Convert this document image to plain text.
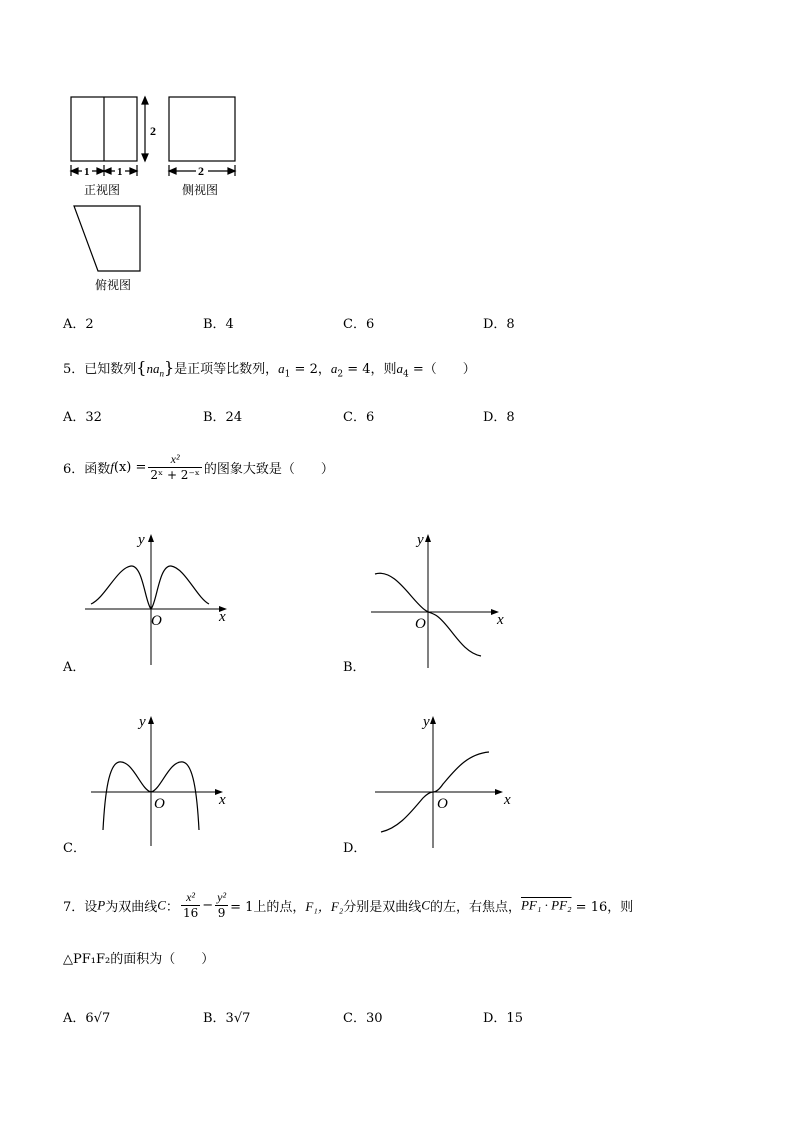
2
1	1	2
正视图	侧视图
俯视图
A．2	B．4	C．6	D．8
5．已知数列$\{na_n\}$是正项等比数列，$a_1 = 2$，$a_2 = 4$，则$a_4$ =（　　）
A．32	B．24	C．6	D．8
6．函数$f(x) = \frac{\text{x²}}{\text{2ˣ + 2⁻ˣ}}$ 的图象大致是（　　）
x
y
O
A．
x
y
O
B．
x
y
O
C．
x
y
O
D．
7．设P为双曲线C： $\frac{\text{x²}}{16} - \frac{\text{y²}}{9} = 1$上的点，F₁，F₂分别是双曲线C的左，右焦点，PF₁ · PF₂ = 16，则
△PF₁F₂的面积为（　　）
A．6√7	B．3√7	C．30	D．15
